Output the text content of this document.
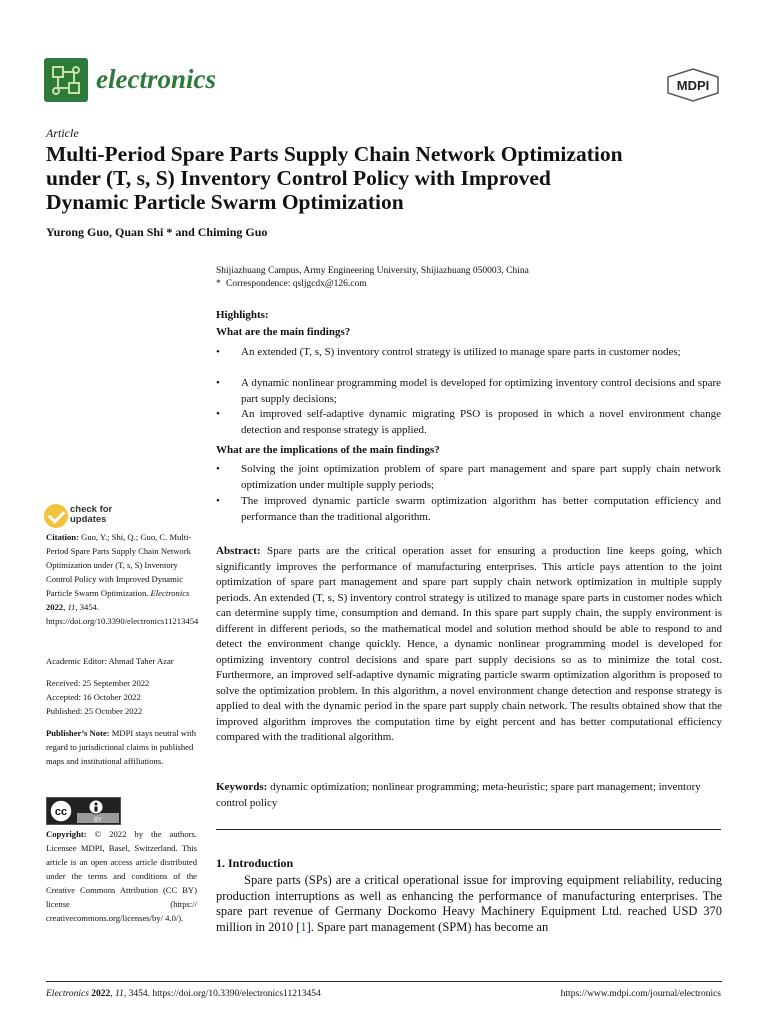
electronics	MDPI
Article
Multi-Period Spare Parts Supply Chain Network Optimization
under (T, s, S) Inventory Control Policy with Improved
Dynamic Particle Swarm Optimization
Yurong Guo, Quan Shi * and Chiming Guo
Shijiazhuang Campus, Army Engineering University, Shijiazhuang 050003, China
* Correspondence: qsljgcdx@126.com
Highlights:
What are the main findings?
• An extended (T, s, S) inventory control strategy is utilized to manage spare parts in customer nodes;
• A dynamic nonlinear programming model is developed for optimizing inventory control decisions and spare part supply decisions;
• An improved self-adaptive dynamic migrating PSO is proposed in which a novel environment change detection and response strategy is applied.
What are the implications of the main findings?
• Solving the joint optimization problem of spare part management and spare part supply chain network optimization under multiple supply periods;
• The improved dynamic particle swarm optimization algorithm has better computation efficiency and performance than the traditional algorithm.
Abstract: Spare parts are the critical operation asset for ensuring a production line keeps going, which significantly improves the performance of manufacturing enterprises. This article pays attention to the joint optimization of spare part management and spare part supply chain network optimization in multiple supply periods. An extended (T, s, S) inventory control strategy is utilized to manage spare parts in customer nodes which can determine supply time, consumption and demand. In this spare part supply chain, the supply environment is different in different periods, so the mathematical model and solution method should be able to respond to and detect the environment change quickly. Hence, a dynamic nonlinear programming model is developed for optimizing inventory control decisions and spare part supply decisions so as to minimize the total cost. Furthermore, an improved self-adaptive dynamic migrating particle swarm optimization algorithm is proposed to solve the optimization problem. In this algorithm, a novel environment change detection and response strategy is applied to deal with the dynamic period in the spare part supply chain network. The results obtained show that the improved algorithm improves the computation time by eight percent and has better computational efficiency compared with the traditional algorithm.
Keywords: dynamic optimization; nonlinear programming; meta-heuristic; spare part management; inventory control policy
1. Introduction
Spare parts (SPs) are a critical operational issue for improving equipment reliability, reducing production interruptions as well as enhancing the performance of manufacturing enterprises. The spare part revenue of Germany Dockomo Heavy Machinery Equipment Ltd. reached USD 370 million in 2010 [1]. Spare part management (SPM) has become an
check for
updates
Citation: Guo, Y.; Shi, Q.; Guo, C. Multi-Period Spare Parts Supply Chain Network Optimization under (T, s, S) Inventory Control Policy with Improved Dynamic Particle Swarm Optimization. Electronics 2022, 11, 3454. https://doi.org/10.3390/electronics11213454
Academic Editor: Ahmad Taher Azar
Received: 25 September 2022
Accepted: 16 October 2022
Published: 25 October 2022
Publisher’s Note: MDPI stays neutral with regard to jurisdictional claims in published maps and institutional affiliations.
cc
BY
Copyright: © 2022 by the authors. Licensee MDPI, Basel, Switzerland. This article is an open access article distributed under the terms and conditions of the Creative Commons Attribution (CC BY) license (https:// creativecommons.org/licenses/by/ 4.0/).
Electronics 2022, 11, 3454. https://doi.org/10.3390/electronics11213454	https://www.mdpi.com/journal/electronics
